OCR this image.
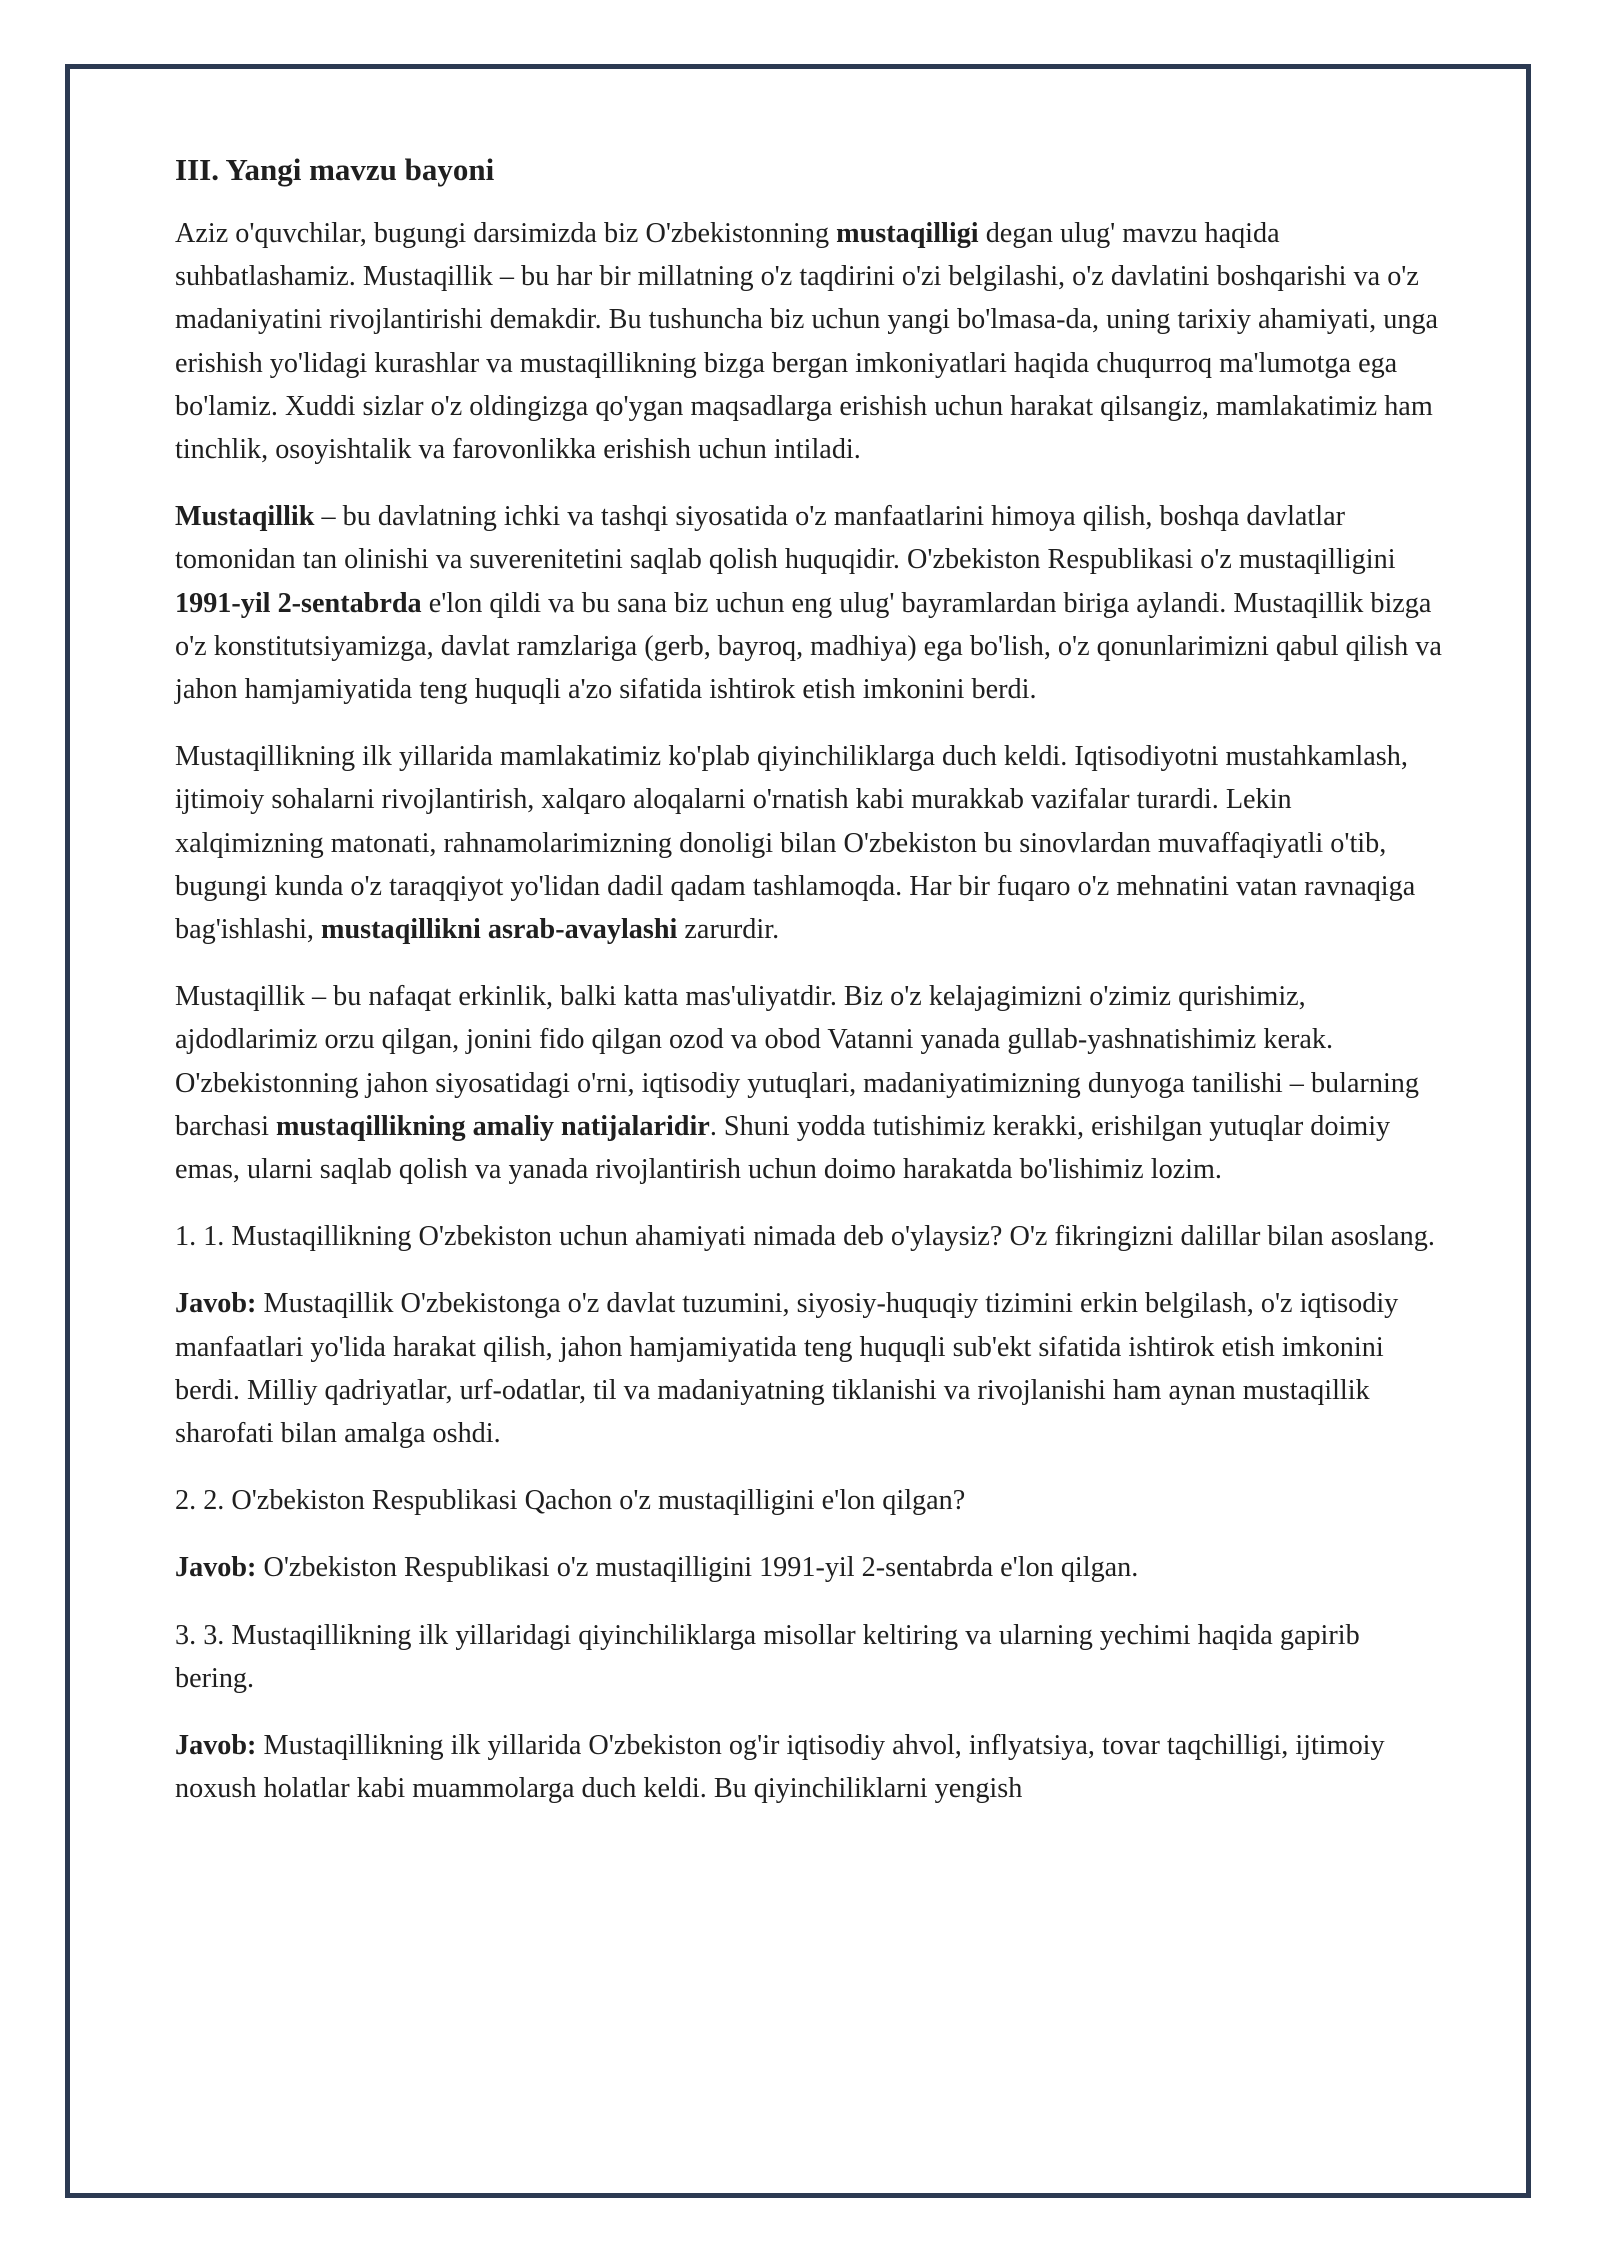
III. Yangi mavzu bayoni

Aziz o'quvchilar, bugungi darsimizda biz O'zbekistonning mustaqilligi degan ulug' mavzu haqida suhbatlashamiz. Mustaqillik – bu har bir millatning o'z taqdirini o'zi belgilashi, o'z davlatini boshqarishi va o'z madaniyatini rivojlantirishi demakdir. Bu tushuncha biz uchun yangi bo'lmasa-da, uning tarixiy ahamiyati, unga erishish yo'lidagi kurashlar va mustaqillikning bizga bergan imkoniyatlari haqida chuqurroq ma'lumotga ega bo'lamiz. Xuddi sizlar o'z oldingizga qo'ygan maqsadlarga erishish uchun harakat qilsangiz, mamlakatimiz ham tinchlik, osoyishtalik va farovonlikka erishish uchun intiladi.

Mustaqillik – bu davlatning ichki va tashqi siyosatida o'z manfaatlarini himoya qilish, boshqa davlatlar tomonidan tan olinishi va suverenitetini saqlab qolish huquqidir. O'zbekiston Respublikasi o'z mustaqilligini 1991-yil 2-sentabrda e'lon qildi va bu sana biz uchun eng ulug' bayramlardan biriga aylandi. Mustaqillik bizga o'z konstitutsiyamizga, davlat ramzlariga (gerb, bayroq, madhiya) ega bo'lish, o'z qonunlarimizni qabul qilish va jahon hamjamiyatida teng huquqli a'zo sifatida ishtirok etish imkonini berdi.

Mustaqillikning ilk yillarida mamlakatimiz ko'plab qiyinchiliklarga duch keldi. Iqtisodiyotni mustahkamlash, ijtimoiy sohalarni rivojlantirish, xalqaro aloqalarni o'rnatish kabi murakkab vazifalar turardi. Lekin xalqimizning matonati, rahnamolarimizning donoligi bilan O'zbekiston bu sinovlardan muvaffaqiyatli o'tib, bugungi kunda o'z taraqqiyot yo'lidan dadil qadam tashlamoqda. Har bir fuqaro o'z mehnatini vatan ravnaqiga bag'ishlashi, mustaqillikni asrab-avaylashi zarurdir.

Mustaqillik – bu nafaqat erkinlik, balki katta mas'uliyatdir. Biz o'z kelajagimizni o'zimiz qurishimiz, ajdodlarimiz orzu qilgan, jonini fido qilgan ozod va obod Vatanni yanada gullab-yashnatishimiz kerak. O'zbekistonning jahon siyosatidagi o'rni, iqtisodiy yutuqlari, madaniyatimizning dunyoga tanilishi – bularning barchasi mustaqillikning amaliy natijalaridir. Shuni yodda tutishimiz kerakki, erishilgan yutuqlar doimiy emas, ularni saqlab qolish va yanada rivojlantirish uchun doimo harakatda bo'lishimiz lozim.

1. 1. Mustaqillikning O'zbekiston uchun ahamiyati nimada deb o'ylaysiz? O'z fikringizni dalillar bilan asoslang.

Javob: Mustaqillik O'zbekistonga o'z davlat tuzumini, siyosiy-huquqiy tizimini erkin belgilash, o'z iqtisodiy manfaatlari yo'lida harakat qilish, jahon hamjamiyatida teng huquqli sub'ekt sifatida ishtirok etish imkonini berdi. Milliy qadriyatlar, urf-odatlar, til va madaniyatning tiklanishi va rivojlanishi ham aynan mustaqillik sharofati bilan amalga oshdi.

2. 2. O'zbekiston Respublikasi Qachon o'z mustaqilligini e'lon qilgan?

Javob: O'zbekiston Respublikasi o'z mustaqilligini 1991-yil 2-sentabrda e'lon qilgan.

3. 3. Mustaqillikning ilk yillaridagi qiyinchiliklarga misollar keltiring va ularning yechimi haqida gapirib bering.

Javob: Mustaqillikning ilk yillarida O'zbekiston og'ir iqtisodiy ahvol, inflyatsiya, tovar taqchilligi, ijtimoiy noxush holatlar kabi muammolarga duch keldi. Bu qiyinchiliklarni yengish
